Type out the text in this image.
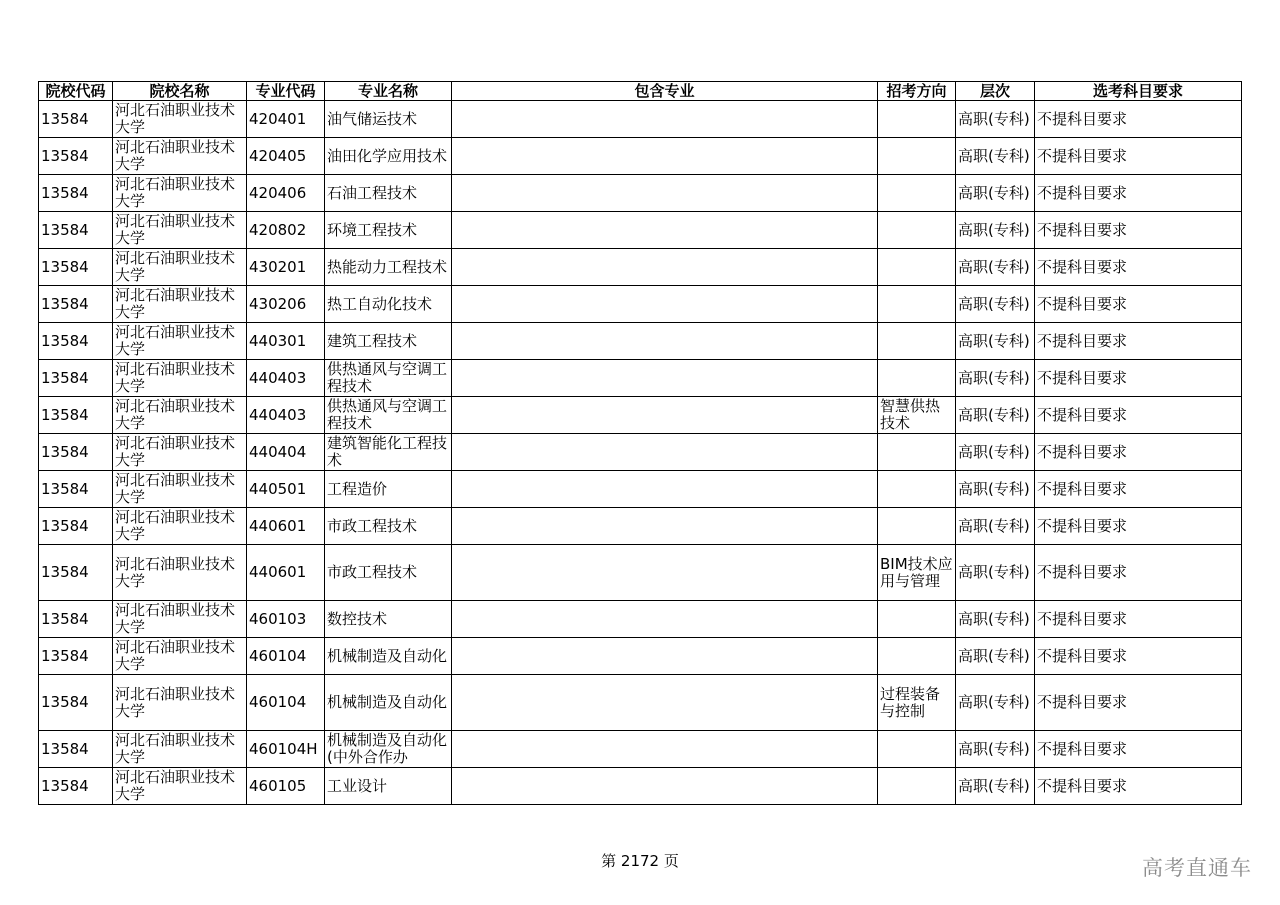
院校代码	院校名称	专业代码	专业名称	包含专业	招考方向	层次	选考科目要求
13584	河北石油职业技术大学	420401	油气储运技术			高职(专科)	不提科目要求
13584	河北石油职业技术大学	420405	油田化学应用技术			高职(专科)	不提科目要求
13584	河北石油职业技术大学	420406	石油工程技术			高职(专科)	不提科目要求
13584	河北石油职业技术大学	420802	环境工程技术			高职(专科)	不提科目要求
13584	河北石油职业技术大学	430201	热能动力工程技术			高职(专科)	不提科目要求
13584	河北石油职业技术大学	430206	热工自动化技术			高职(专科)	不提科目要求
13584	河北石油职业技术大学	440301	建筑工程技术			高职(专科)	不提科目要求
13584	河北石油职业技术大学	440403	供热通风与空调工程技术			高职(专科)	不提科目要求
13584	河北石油职业技术大学	440403	供热通风与空调工程技术		智慧供热技术	高职(专科)	不提科目要求
13584	河北石油职业技术大学	440404	建筑智能化工程技术			高职(专科)	不提科目要求
13584	河北石油职业技术大学	440501	工程造价			高职(专科)	不提科目要求
13584	河北石油职业技术大学	440601	市政工程技术			高职(专科)	不提科目要求
13584	河北石油职业技术大学	440601	市政工程技术		BIM技术应用与管理	高职(专科)	不提科目要求
13584	河北石油职业技术大学	460103	数控技术			高职(专科)	不提科目要求
13584	河北石油职业技术大学	460104	机械制造及自动化			高职(专科)	不提科目要求
13584	河北石油职业技术大学	460104	机械制造及自动化		过程装备与控制	高职(专科)	不提科目要求
13584	河北石油职业技术大学	460104H	机械制造及自动化(中外合作办			高职(专科)	不提科目要求
13584	河北石油职业技术大学	460105	工业设计			高职(专科)	不提科目要求
第 2172 页	高考直通车
